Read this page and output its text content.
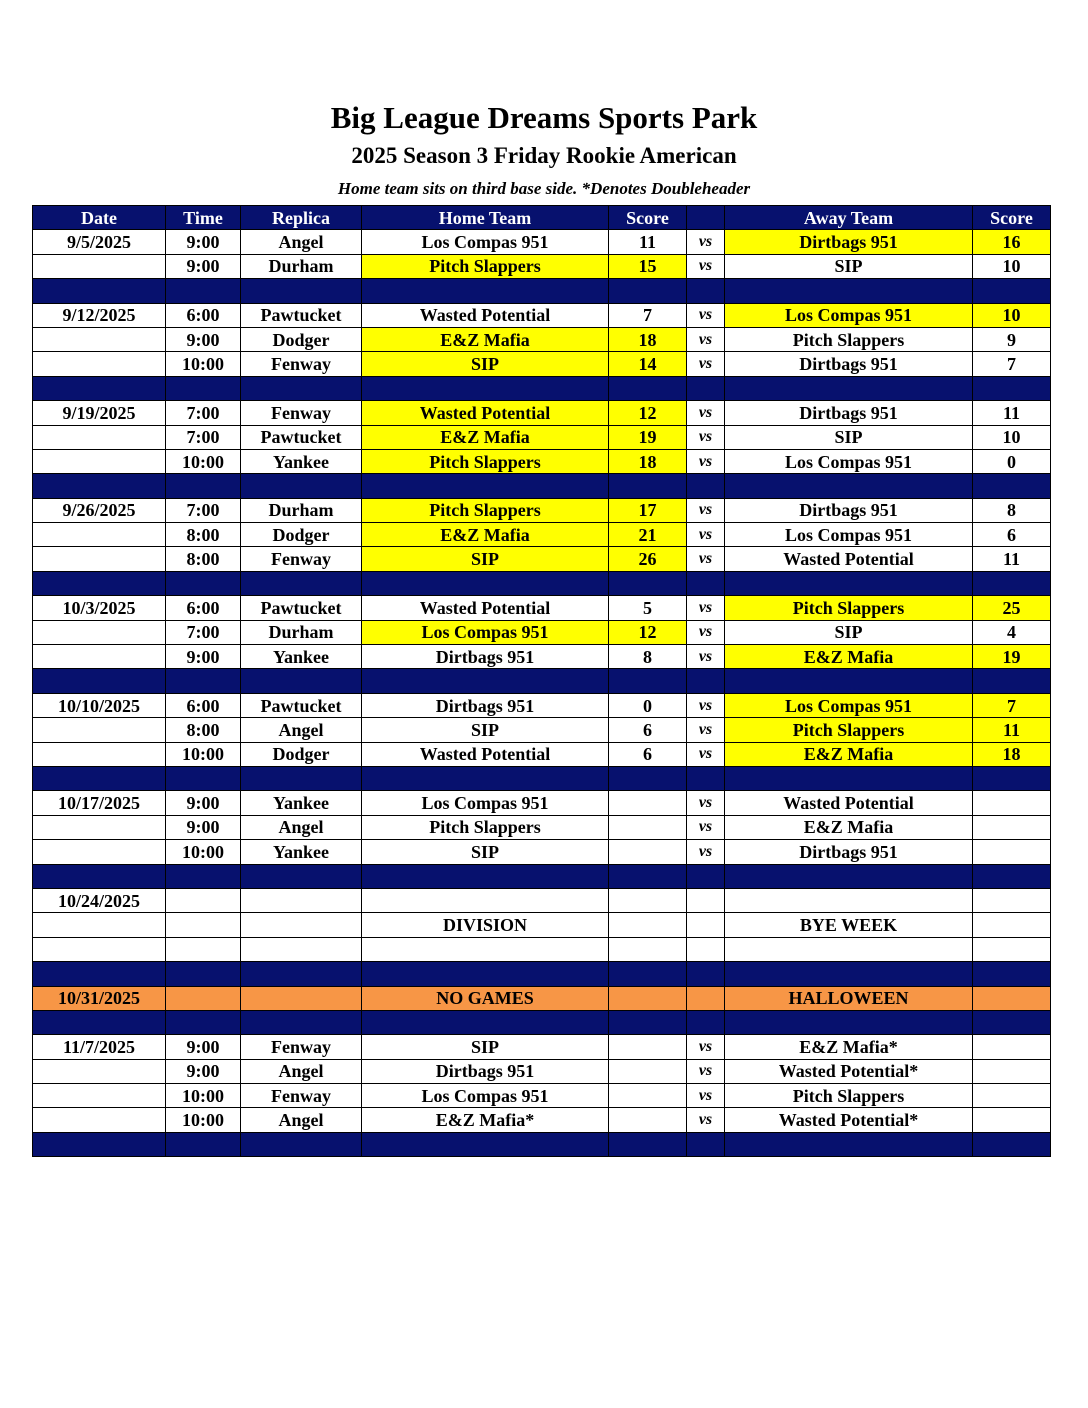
Big League Dreams Sports Park
2025 Season 3 Friday Rookie American
Home team sits on third base side. *Denotes Doubleheader
Date	Time	Replica	Home Team	Score		Away Team	Score
9/5/2025	9:00	Angel	Los Compas 951	11	vs	Dirtbags 951	16
	9:00	Durham	Pitch Slappers	15	vs	SIP	10

9/12/2025	6:00	Pawtucket	Wasted Potential	7	vs	Los Compas 951	10
	9:00	Dodger	E&Z Mafia	18	vs	Pitch Slappers	9
	10:00	Fenway	SIP	14	vs	Dirtbags 951	7

9/19/2025	7:00	Fenway	Wasted Potential	12	vs	Dirtbags 951	11
	7:00	Pawtucket	E&Z Mafia	19	vs	SIP	10
	10:00	Yankee	Pitch Slappers	18	vs	Los Compas 951	0

9/26/2025	7:00	Durham	Pitch Slappers	17	vs	Dirtbags 951	8
	8:00	Dodger	E&Z Mafia	21	vs	Los Compas 951	6
	8:00	Fenway	SIP	26	vs	Wasted Potential	11

10/3/2025	6:00	Pawtucket	Wasted Potential	5	vs	Pitch Slappers	25
	7:00	Durham	Los Compas 951	12	vs	SIP	4
	9:00	Yankee	Dirtbags 951	8	vs	E&Z Mafia	19

10/10/2025	6:00	Pawtucket	Dirtbags 951	0	vs	Los Compas 951	7
	8:00	Angel	SIP	6	vs	Pitch Slappers	11
	10:00	Dodger	Wasted Potential	6	vs	E&Z Mafia	18

10/17/2025	9:00	Yankee	Los Compas 951		vs	Wasted Potential	
	9:00	Angel	Pitch Slappers		vs	E&Z Mafia	
	10:00	Yankee	SIP		vs	Dirtbags 951	

10/24/2025							
			DIVISION			BYE WEEK	

10/31/2025			NO GAMES			HALLOWEEN	

11/7/2025	9:00	Fenway	SIP		vs	E&Z Mafia*	
	9:00	Angel	Dirtbags 951		vs	Wasted Potential*	
	10:00	Fenway	Los Compas 951		vs	Pitch Slappers	
	10:00	Angel	E&Z Mafia*		vs	Wasted Potential*	
